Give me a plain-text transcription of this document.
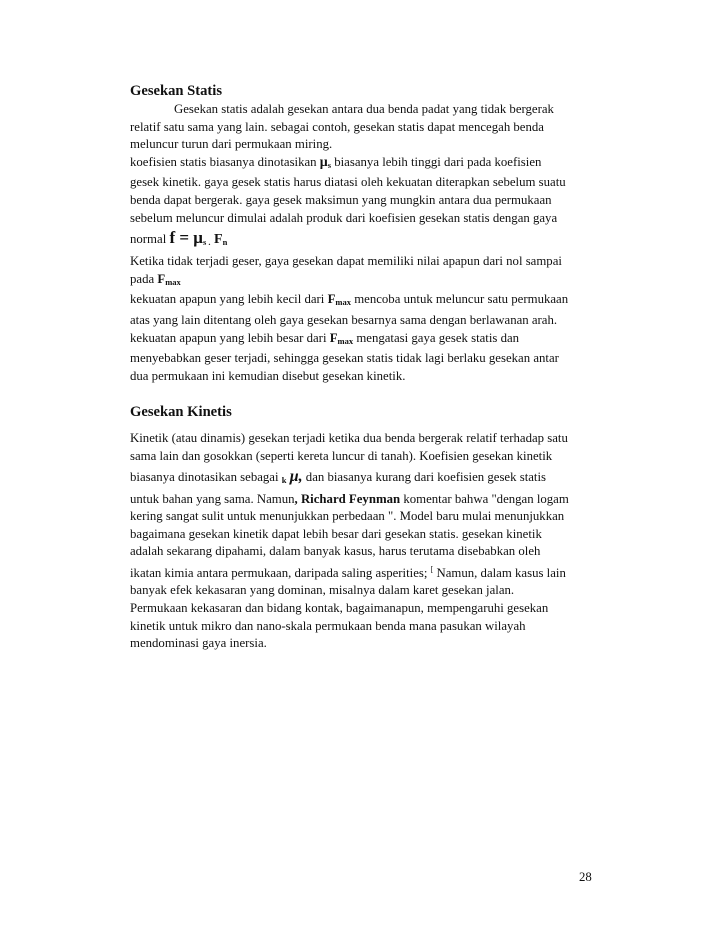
Gesekan Statis

Gesekan statis adalah gesekan antara dua benda padat yang tidak bergerak

relatif satu sama yang lain. sebagai contoh, gesekan statis dapat mencegah benda

meluncur turun dari permukaan miring.

koefisien statis biasanya dinotasikan μs biasanya lebih tinggi dari pada koefisien

gesek kinetik. gaya gesek statis harus diatasi oleh kekuatan diterapkan sebelum suatu

benda dapat bergerak. gaya gesek maksimun yang mungkin antara dua permukaan

sebelum meluncur dimulai adalah produk dari koefisien gesekan statis dengan gaya

normal f = μs . Fn

Ketika tidak terjadi geser, gaya gesekan dapat memiliki nilai apapun dari nol sampai

pada Fmax

kekuatan apapun yang lebih kecil dari Fmax mencoba untuk meluncur satu permukaan

atas yang lain ditentang oleh gaya gesekan besarnya sama dengan berlawanan arah.

kekuatan apapun yang lebih besar dari Fmax mengatasi gaya gesek statis dan

menyebabkan geser terjadi, sehingga gesekan statis tidak lagi berlaku gesekan antar

dua permukaan ini kemudian disebut gesekan kinetik.

Gesekan Kinetis

Kinetik (atau dinamis) gesekan terjadi ketika dua benda bergerak relatif terhadap satu

sama lain dan gosokkan (seperti kereta luncur di tanah). Koefisien gesekan kinetik

biasanya dinotasikan sebagai k μ, dan biasanya kurang dari koefisien gesek statis

untuk bahan yang sama. Namun, Richard Feynman komentar bahwa "dengan logam

kering sangat sulit untuk menunjukkan perbedaan ". Model baru mulai menunjukkan

bagaimana gesekan kinetik dapat lebih besar dari gesekan statis. gesekan kinetik

adalah sekarang dipahami, dalam banyak kasus, harus terutama disebabkan oleh

ikatan kimia antara permukaan, daripada saling asperities; [ Namun, dalam kasus lain

banyak efek kekasaran yang dominan, misalnya dalam karet gesekan jalan.

Permukaan kekasaran dan bidang kontak, bagaimanapun, mempengaruhi gesekan

kinetik untuk mikro dan nano-skala permukaan benda mana pasukan wilayah

mendominasi gaya inersia.

28
